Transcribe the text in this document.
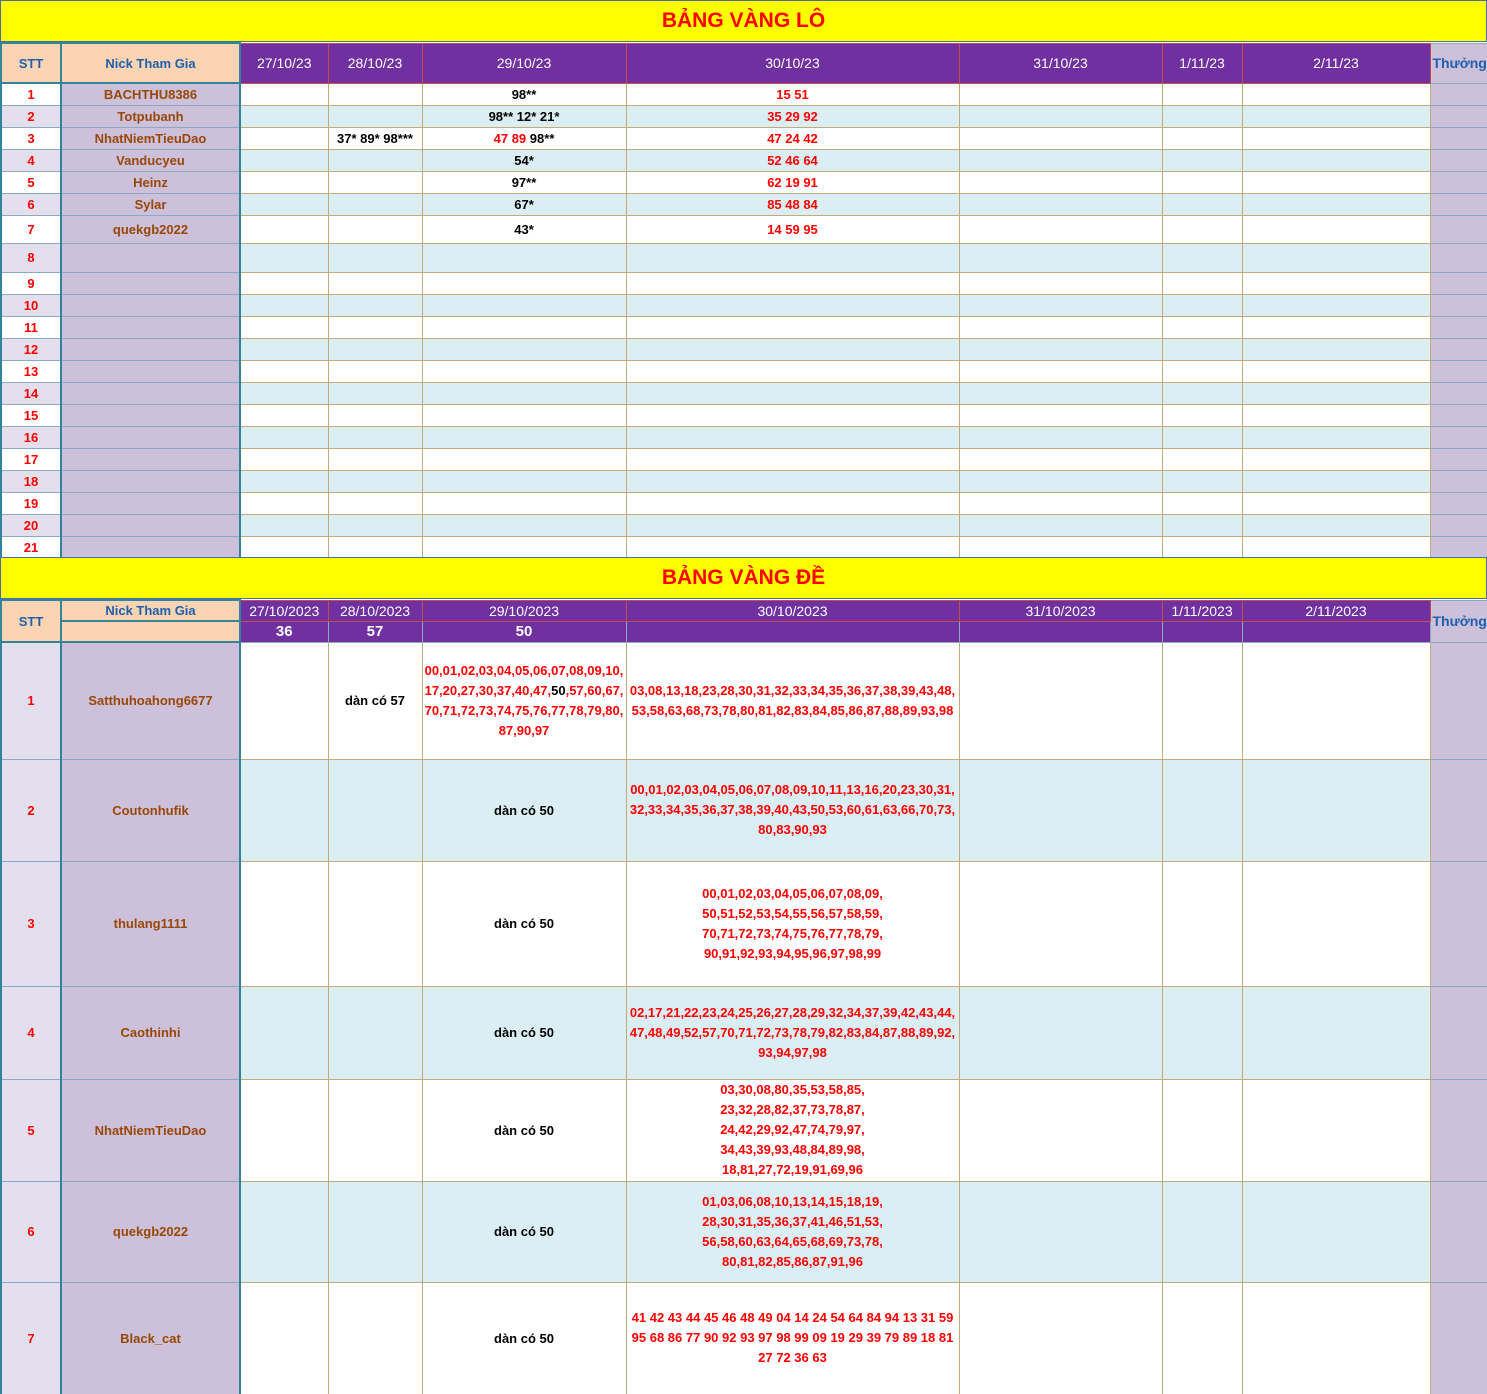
BẢNG VÀNG LÔ
STT	Nick Tham Gia	27/10/23	28/10/23	29/10/23	30/10/23	31/10/23	1/11/23	2/11/23	Thưởng
1	BACHTHU8386			98**	15 51				
2	Totpubanh			98** 12* 21*	35 29 92				
3	NhatNiemTieuDao		37* 89* 98***	47 89 98**	47 24 42				
4	Vanducyeu			54*	52 46 64				
5	Heinz			97**	62 19 91				
6	Sylar			67*	85 48 84				
7	quekgb2022			43*	14 59 95				
8									
9									
10									
11									
12									
13									
14									
15									
16									
17									
18									
19									
20									
21									
BẢNG VÀNG ĐỀ
STT	Nick Tham Gia	27/10/2023	28/10/2023	29/10/2023	30/10/2023	31/10/2023	1/11/2023	2/11/2023	Thưởng
		36	57	50					
1	Satthuhoahong6677		dàn có 57	00,01,02,03,04,05,06,07,08,09,10, 17,20,27,30,37,40,47,50,57,60,67, 70,71,72,73,74,75,76,77,78,79,80, 87,90,97	03,08,13,18,23,28,30,31,32,33,34,35,36,37,38,39,43,48, 53,58,63,68,73,78,80,81,82,83,84,85,86,87,88,89,93,98				
2	Coutonhufik			dàn có 50	00,01,02,03,04,05,06,07,08,09,10,11,13,16,20,23,30,31, 32,33,34,35,36,37,38,39,40,43,50,53,60,61,63,66,70,73, 80,83,90,93				
3	thulang1111			dàn có 50	00,01,02,03,04,05,06,07,08,09, 50,51,52,53,54,55,56,57,58,59, 70,71,72,73,74,75,76,77,78,79, 90,91,92,93,94,95,96,97,98,99				
4	Caothinhi			dàn có 50	02,17,21,22,23,24,25,26,27,28,29,32,34,37,39,42,43,44, 47,48,49,52,57,70,71,72,73,78,79,82,83,84,87,88,89,92, 93,94,97,98				
5	NhatNiemTieuDao			dàn có 50	03,30,08,80,35,53,58,85, 23,32,28,82,37,73,78,87, 24,42,29,92,47,74,79,97, 34,43,39,93,48,84,89,98, 18,81,27,72,19,91,69,96				
6	quekgb2022			dàn có 50	01,03,06,08,10,13,14,15,18,19, 28,30,31,35,36,37,41,46,51,53, 56,58,60,63,64,65,68,69,73,78, 80,81,82,85,86,87,91,96				
7	Black_cat			dàn có 50	41 42 43 44 45 46 48 49 04 14 24 54 64 84 94 13 31 59 95 68 86 77 90 92 93 97 98 99 09 19 29 39 79 89 18 81 27 72 36 63				
